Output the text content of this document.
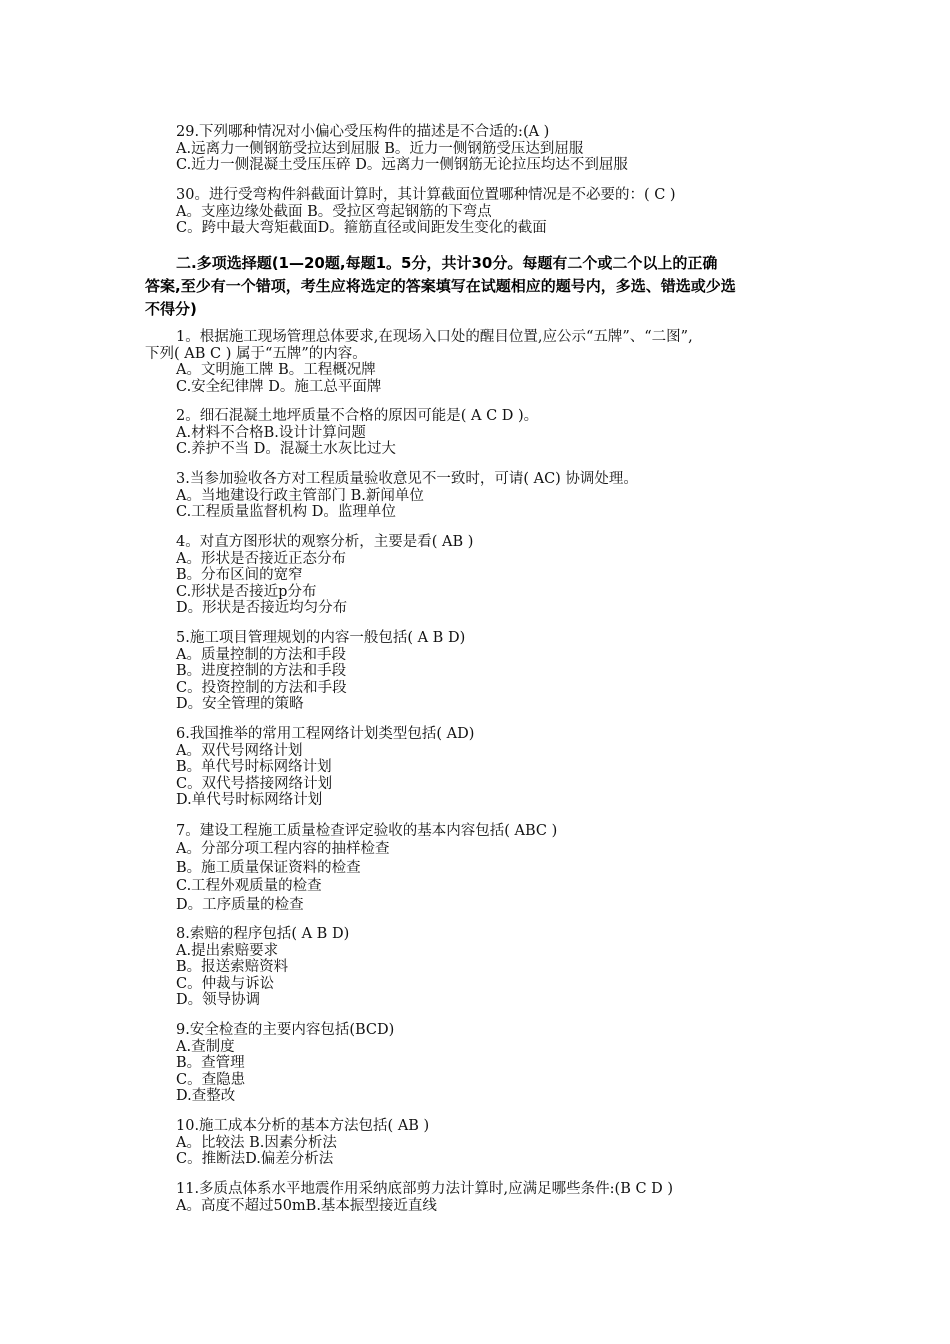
29.下列哪种情况对小偏心受压构件的描述是不合适的:(A )
A.远离力一侧钢筋受拉达到屈服 B。近力一侧钢筋受压达到屈服
C.近力一侧混凝土受压压碎 D。远离力一侧钢筋无论拉压均达不到屈服
30。进行受弯构件斜截面计算时，其计算截面位置哪种情况是不必要的：( C )
A。支座边缘处截面 B。受拉区弯起钢筋的下弯点
C。跨中最大弯矩截面D。箍筋直径或间距发生变化的截面
二.多项选择题(1—20题,每题1。5分，共计30分。每题有二个或二个以上的正确
答案,至少有一个错项，考生应将选定的答案填写在试题相应的题号内，多选、错选或少选
不得分)
1。根据施工现场管理总体要求,在现场入口处的醒目位置,应公示“五牌”、“二图”,
下列( AB C ) 属于“五牌”的内容。
A。文明施工牌 B。工程概况牌
C.安全纪律牌 D。施工总平面牌
2。细石混凝土地坪质量不合格的原因可能是( A C D )。
A.材料不合格B.设计计算问题
C.养护不当 D。混凝土水灰比过大
3.当参加验收各方对工程质量验收意见不一致时，可请( AC) 协调处理。
A。当地建设行政主管部门 B.新闻单位
C.工程质量监督机构 D。监理单位
4。对直方图形状的观察分析，主要是看( AB )
A。形状是否接近正态分布
B。分布区间的宽窄
C.形状是否接近p分布
D。形状是否接近均匀分布
5.施工项目管理规划的内容一般包括( A B D)
A。质量控制的方法和手段
B。进度控制的方法和手段
C。投资控制的方法和手段
D。安全管理的策略
6.我国推举的常用工程网络计划类型包括( AD)
A。双代号网络计划
B。单代号时标网络计划
C。双代号搭接网络计划
D.单代号时标网络计划
7。建设工程施工质量检查评定验收的基本内容包括( ABC )
A。分部分项工程内容的抽样检查
B。施工质量保证资料的检查
C.工程外观质量的检查
D。工序质量的检查
8.索赔的程序包括( A B D)
A.提出索赔要求
B。报送索赔资料
C。仲裁与诉讼
D。领导协调
9.安全检查的主要内容包括(BCD)
A.查制度
B。查管理
C。查隐患
D.查整改
10.施工成本分析的基本方法包括( AB )
A。比较法 B.因素分析法
C。推断法D.偏差分析法
11.多质点体系水平地震作用采纳底部剪力法计算时,应满足哪些条件:(B C D )
A。高度不超过50mB.基本振型接近直线
